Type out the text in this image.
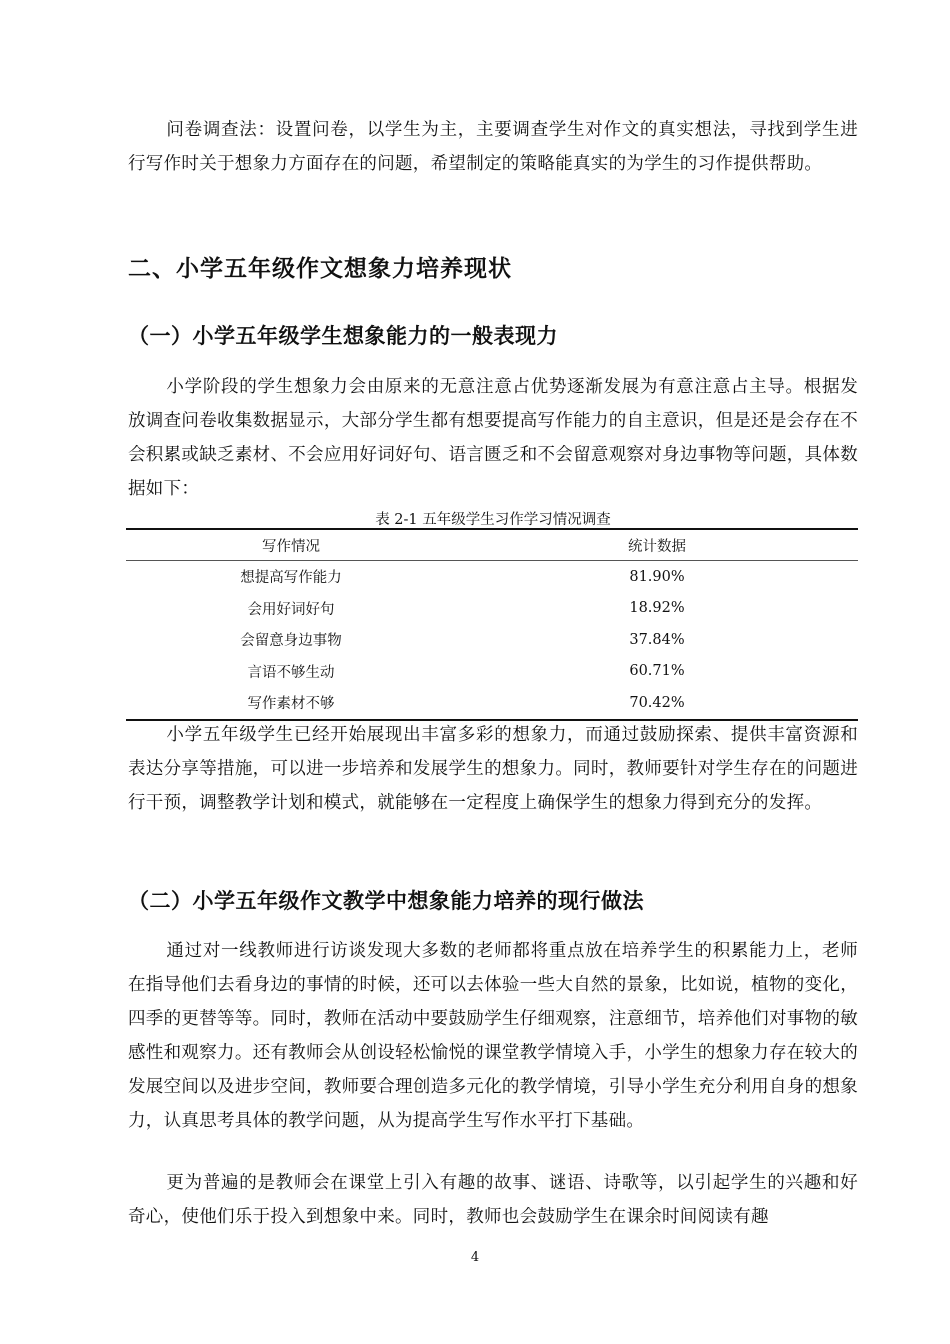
问卷调查法：设置问卷，以学生为主，主要调查学生对作文的真实想法，寻找到学生进行写作时关于想象力方面存在的问题，希望制定的策略能真实的为学生的习作提供帮助。

二、小学五年级作文想象力培养现状
（一）小学五年级学生想象能力的一般表现力

小学阶段的学生想象力会由原来的无意注意占优势逐渐发展为有意注意占主导。根据发放调查问卷收集数据显示，大部分学生都有想要提高写作能力的自主意识，但是还是会存在不会积累或缺乏素材、不会应用好词好句、语言匮乏和不会留意观察对身边事物等问题，具体数据如下：

表 2-1 五年级学生习作学习情况调查

写作情况	统计数据
想提高写作能力	81.90%
会用好词好句	18.92%
会留意身边事物	37.84%
言语不够生动	60.71%
写作素材不够	70.42%

小学五年级学生已经开始展现出丰富多彩的想象力，而通过鼓励探索、提供丰富资源和表达分享等措施，可以进一步培养和发展学生的想象力。同时，教师要针对学生存在的问题进行干预，调整教学计划和模式，就能够在一定程度上确保学生的想象力得到充分的发挥。

（二）小学五年级作文教学中想象能力培养的现行做法

通过对一线教师进行访谈发现大多数的老师都将重点放在培养学生的积累能力上，老师在指导他们去看身边的事情的时候，还可以去体验一些大自然的景象，比如说，植物的变化，四季的更替等等。同时，教师在活动中要鼓励学生仔细观察，注意细节，培养他们对事物的敏感性和观察力。还有教师会从创设轻松愉悦的课堂教学情境入手，小学生的想象力存在较大的发展空间以及进步空间，教师要合理创造多元化的教学情境，引导小学生充分利用自身的想象力，认真思考具体的教学问题，从为提高学生写作水平打下基础。

更为普遍的是教师会在课堂上引入有趣的故事、谜语、诗歌等，以引起学生的兴趣和好奇心，使他们乐于投入到想象中来。同时，教师也会鼓励学生在课余时间阅读有趣

4
